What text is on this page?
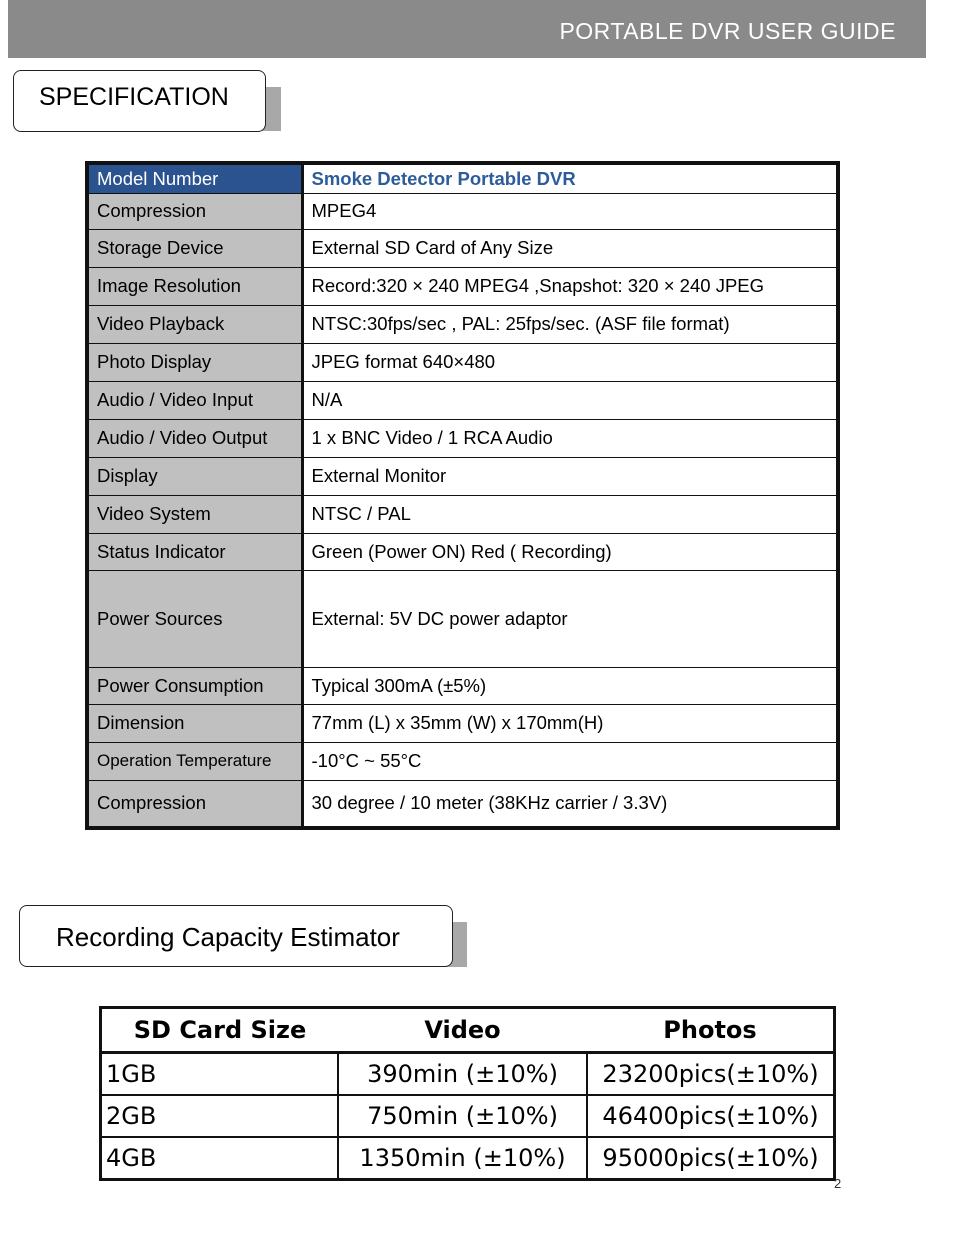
PORTABLE DVR USER GUIDE
SPECIFICATION
Model Number	Smoke Detector Portable DVR
Compression	MPEG4
Storage Device	External SD Card of Any Size
Image Resolution	Record:320 × 240 MPEG4 ,Snapshot: 320 × 240 JPEG
Video Playback	NTSC:30fps/sec , PAL: 25fps/sec. (ASF file format)
Photo Display	JPEG format 640×480
Audio / Video Input	N/A
Audio / Video Output	1 x BNC Video / 1 RCA Audio
Display	External Monitor
Video System	NTSC / PAL
Status Indicator	Green (Power ON) Red ( Recording)
Power Sources	External: 5V DC power adaptor
Power Consumption	Typical 300mA (±5%)
Dimension	77mm (L) x 35mm (W) x 170mm(H)
Operation Temperature	-10°C ~ 55°C
Compression	30 degree / 10 meter (38KHz carrier / 3.3V)
Recording Capacity Estimator
SD Card Size	Video	Photos
1GB	390min (±10%)	23200pics(±10%)
2GB	750min (±10%)	46400pics(±10%)
4GB	1350min (±10%)	95000pics(±10%)
2
